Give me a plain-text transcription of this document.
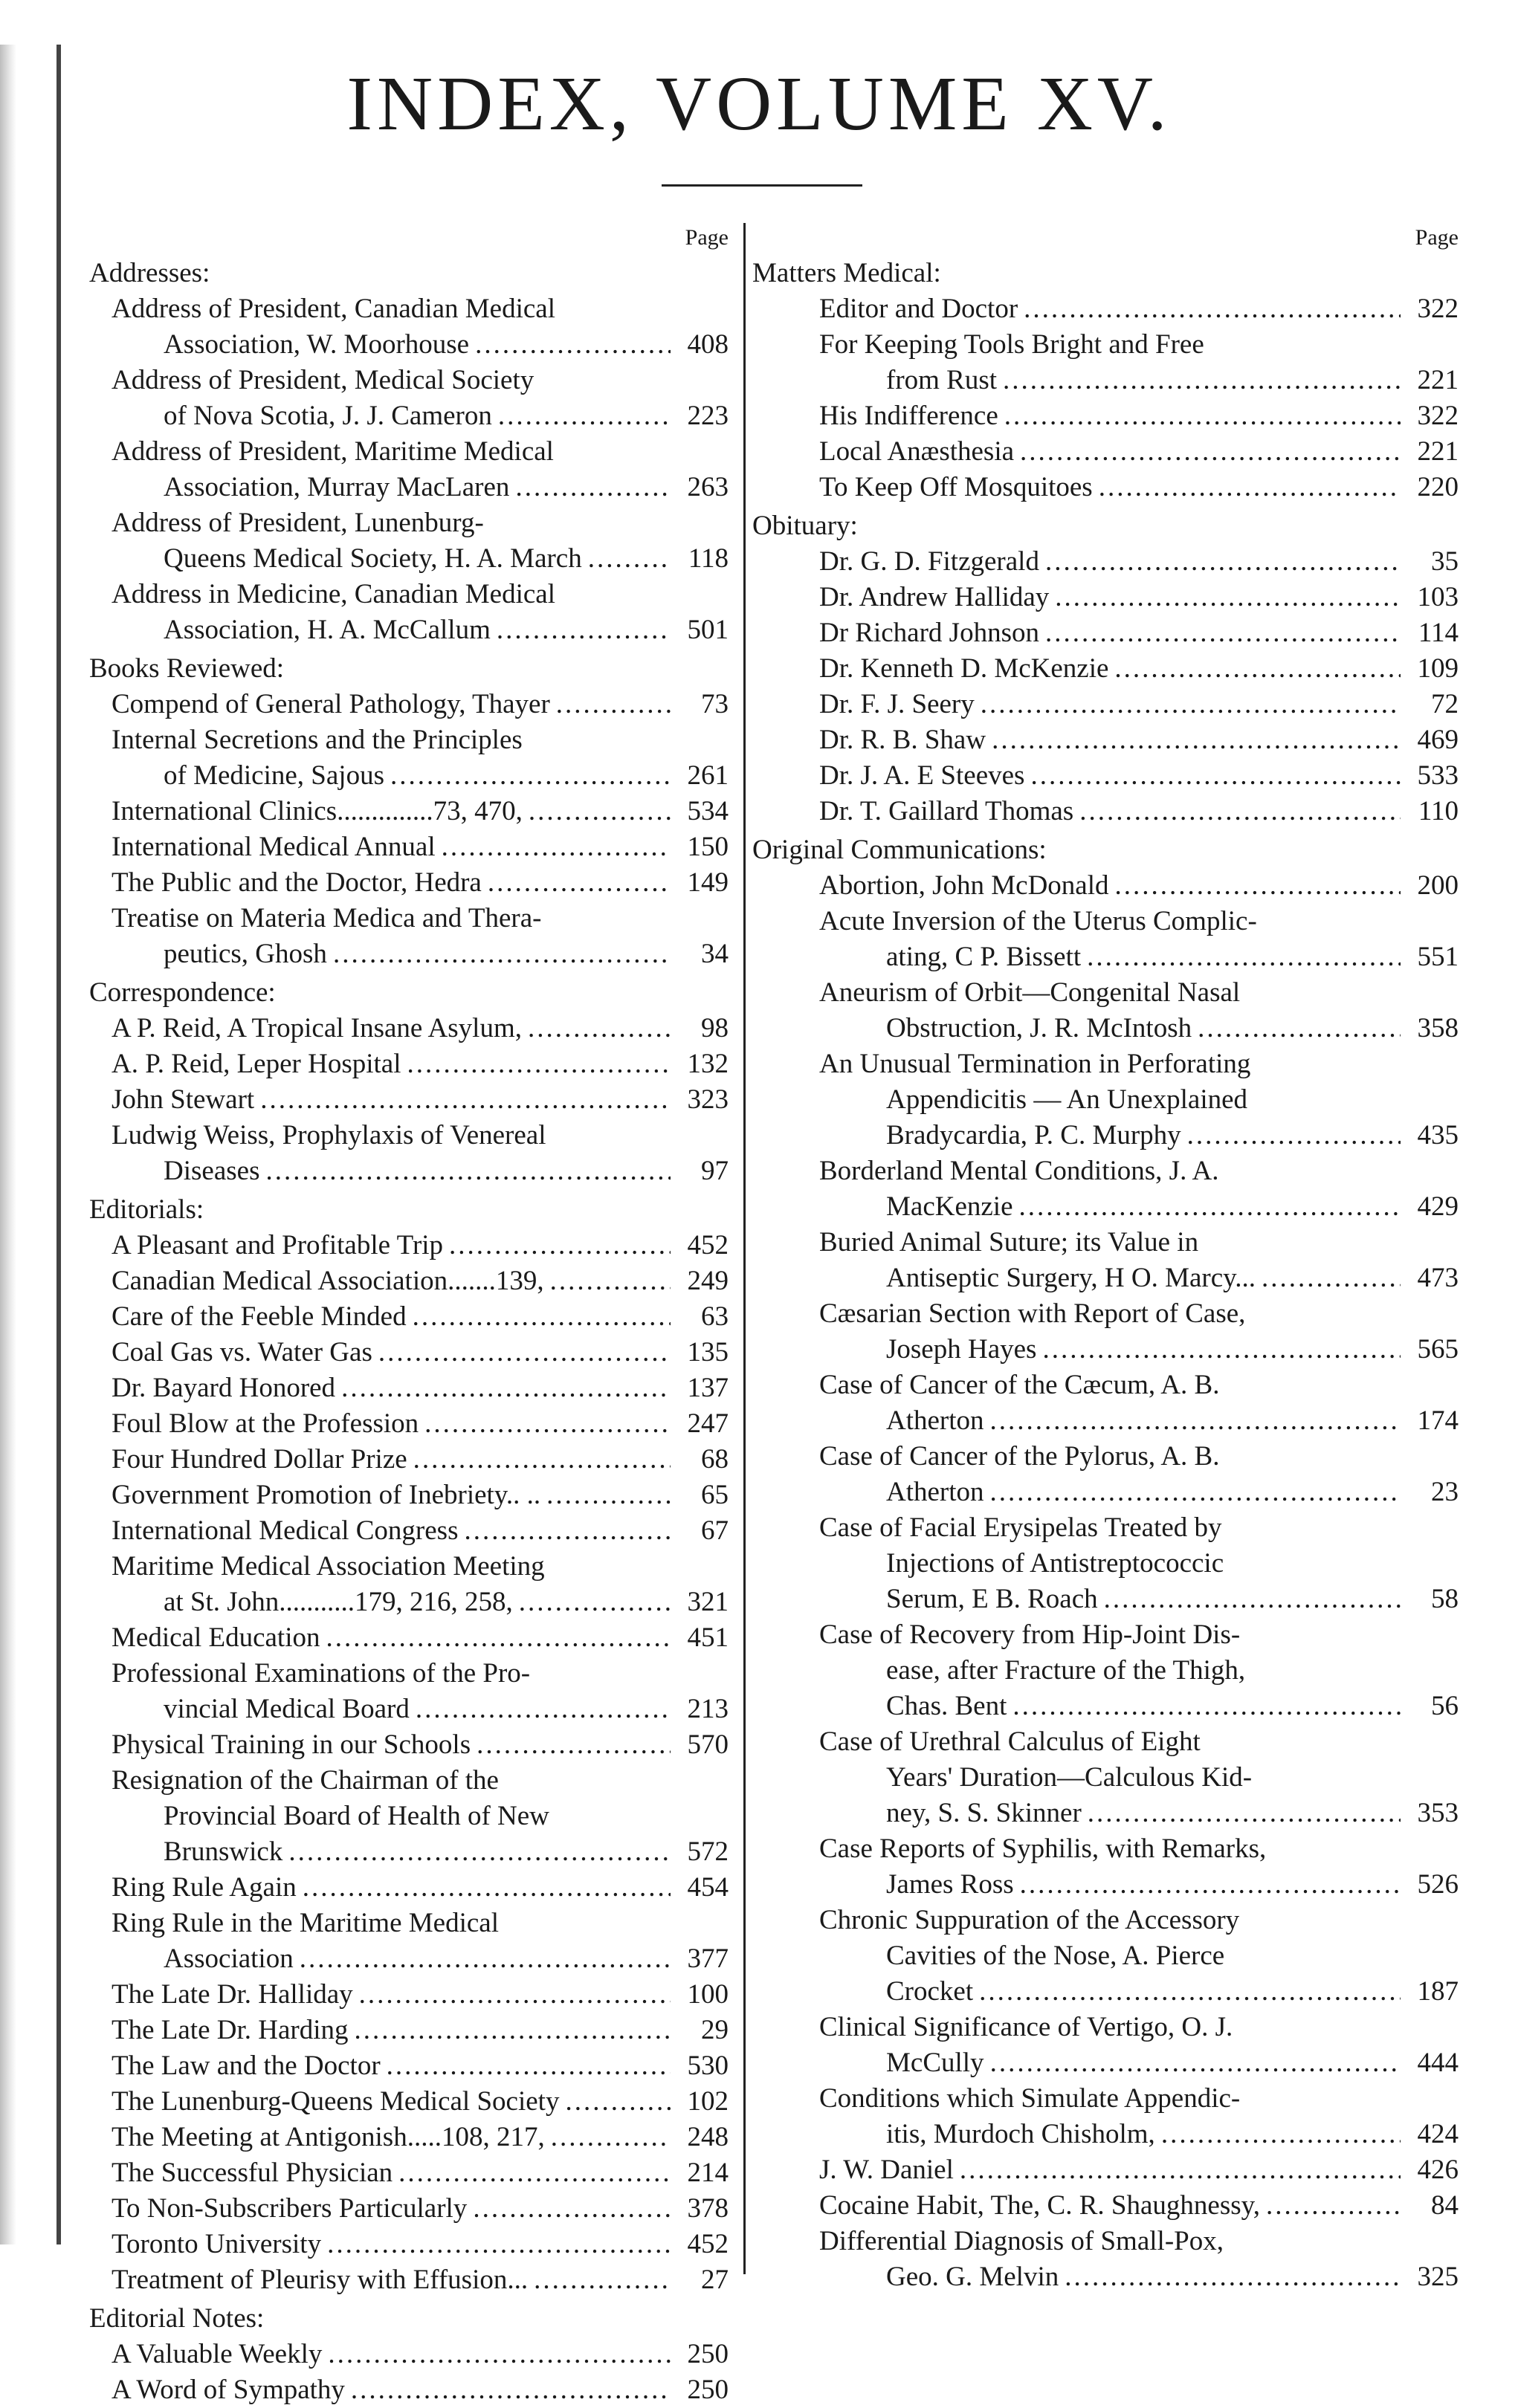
INDEX, VOLUME XV.
Page
Addresses:
Address of President, Canadian Medical
Association, W. Moorhouse .....	408
Address of President, Medical Society
of Nova Scotia, J. J. Cameron .....	223
Address of President, Maritime Medical
Association, Murray MacLaren .....	263
Address of President, Lunenburg-
Queens Medical Society, H. A. March .....	118
Address in Medicine, Canadian Medical
Association, H. A. McCallum .....	501
Books Reviewed:
Compend of General Pathology, Thayer .....	73
Internal Secretions and the Principles
of Medicine, Sajous .....	261
International Clinics..............73, 470, .....	534
International Medical Annual .....	150
The Public and the Doctor, Hedra .....	149
Treatise on Materia Medica and Thera-
peutics, Ghosh .....	34
Correspondence:
A P. Reid, A Tropical Insane Asylum, .....	98
A. P. Reid, Leper Hospital .....	132
John Stewart .....	323
Ludwig Weiss, Prophylaxis of Venereal
Diseases .....	97
Editorials:
A Pleasant and Profitable Trip .....	452
Canadian Medical Association.......139, .....	249
Care of the Feeble Minded .....	63
Coal Gas vs. Water Gas .....	135
Dr. Bayard Honored .....	137
Foul Blow at the Profession .....	247
Four Hundred Dollar Prize .....	68
Government Promotion of Inebriety.. .. .....	65
International Medical Congress .....	67
Maritime Medical Association Meeting
at St. John...........179, 216, 258, .....	321
Medical Education .....	451
Professional Examinations of the Pro-
vincial Medical Board .....	213
Physical Training in our Schools .....	570
Resignation of the Chairman of the
Provincial Board of Health of New
Brunswick .....	572
Ring Rule Again .....	454
Ring Rule in the Maritime Medical
Association .....	377
The Late Dr. Halliday .....	100
The Late Dr. Harding .....	29
The Law and the Doctor .....	530
The Lunenburg-Queens Medical Society .....	102
The Meeting at Antigonish.....108, 217, .....	248
The Successful Physician .....	214
To Non-Subscribers Particularly .....	378
Toronto University .....	452
Treatment of Pleurisy with Effusion... .....	27
Editorial Notes:
A Valuable Weekly .....	250
A Word of Sympathy .....	250
Page
Matters Medical:
Editor and Doctor .....	322
For Keeping Tools Bright and Free
from Rust .....	221
His Indifference .....	322
Local Anæsthesia .....	221
To Keep Off Mosquitoes .....	220
Obituary:
Dr. G. D. Fitzgerald .....	35
Dr. Andrew Halliday .....	103
Dr Richard Johnson .....	114
Dr. Kenneth D. McKenzie .....	109
Dr. F. J. Seery .....	72
Dr. R. B. Shaw .....	469
Dr. J. A. E Steeves .....	533
Dr. T. Gaillard Thomas .....	110
Original Communications:
Abortion, John McDonald .....	200
Acute Inversion of the Uterus Complic-
ating, C P. Bissett .....	551
Aneurism of Orbit—Congenital Nasal
Obstruction, J. R. McIntosh .....	358
An Unusual Termination in Perforating
Appendicitis — An Unexplained
Bradycardia, P. C. Murphy .....	435
Borderland Mental Conditions, J. A.
MacKenzie .....	429
Buried Animal Suture; its Value in
Antiseptic Surgery, H O. Marcy... .....	473
Cæsarian Section with Report of Case,
Joseph Hayes .....	565
Case of Cancer of the Cæcum, A. B.
Atherton .....	174
Case of Cancer of the Pylorus, A. B.
Atherton .....	23
Case of Facial Erysipelas Treated by
Injections of Antistreptococcic
Serum, E B. Roach .....	58
Case of Recovery from Hip-Joint Dis-
ease, after Fracture of the Thigh,
Chas. Bent .....	56
Case of Urethral Calculus of Eight
Years' Duration—Calculous Kid-
ney, S. S. Skinner .....	353
Case Reports of Syphilis, with Remarks,
James Ross .....	526
Chronic Suppuration of the Accessory
Cavities of the Nose, A. Pierce
Crocket .....	187
Clinical Significance of Vertigo, O. J.
McCully .....	444
Conditions which Simulate Appendic-
itis, Murdoch Chisholm, .....	424
J. W. Daniel .....	426
Cocaine Habit, The, C. R. Shaughnessy, .....	84
Differential Diagnosis of Small-Pox,
Geo. G. Melvin .....	325
